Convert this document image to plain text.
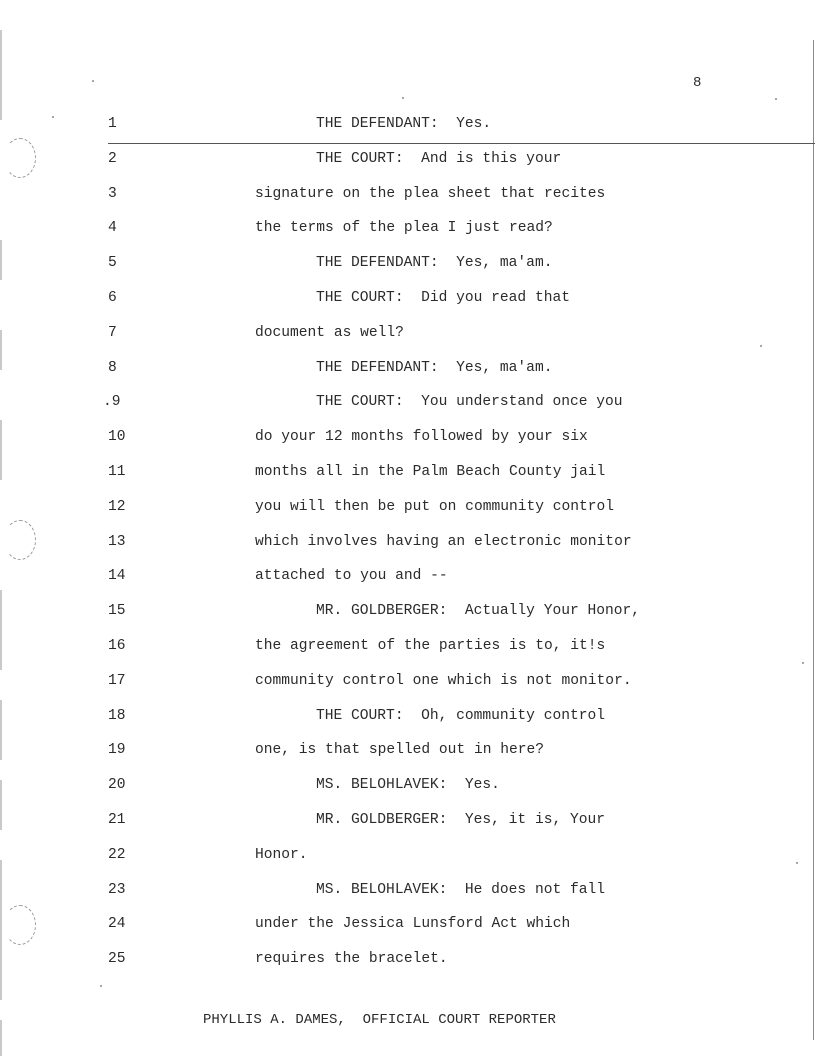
8
1	THE DEFENDANT:  Yes.
2	THE COURT:  And is this your
3	signature on the plea sheet that recites
4	the terms of the plea I just read?
5	THE DEFENDANT:  Yes, ma'am.
6	THE COURT:  Did you read that
7	document as well?
8	THE DEFENDANT:  Yes, ma'am.
.9	THE COURT:  You understand once you
10	do your 12 months followed by your six
11	months all in the Palm Beach County jail
12	you will then be put on community control
13	which involves having an electronic monitor
14	attached to you and --
15	MR. GOLDBERGER:  Actually Your Honor,
16	the agreement of the parties is to, it!s
17	community control one which is not monitor.
18	THE COURT:  Oh, community control
19	one, is that spelled out in here?
20	MS. BELOHLAVEK:  Yes.
21	MR. GOLDBERGER:  Yes, it is, Your
22	Honor.
23	MS. BELOHLAVEK:  He does not fall
24	under the Jessica Lunsford Act which
25	requires the bracelet.
PHYLLIS A. DAMES,  OFFICIAL COURT REPORTER
